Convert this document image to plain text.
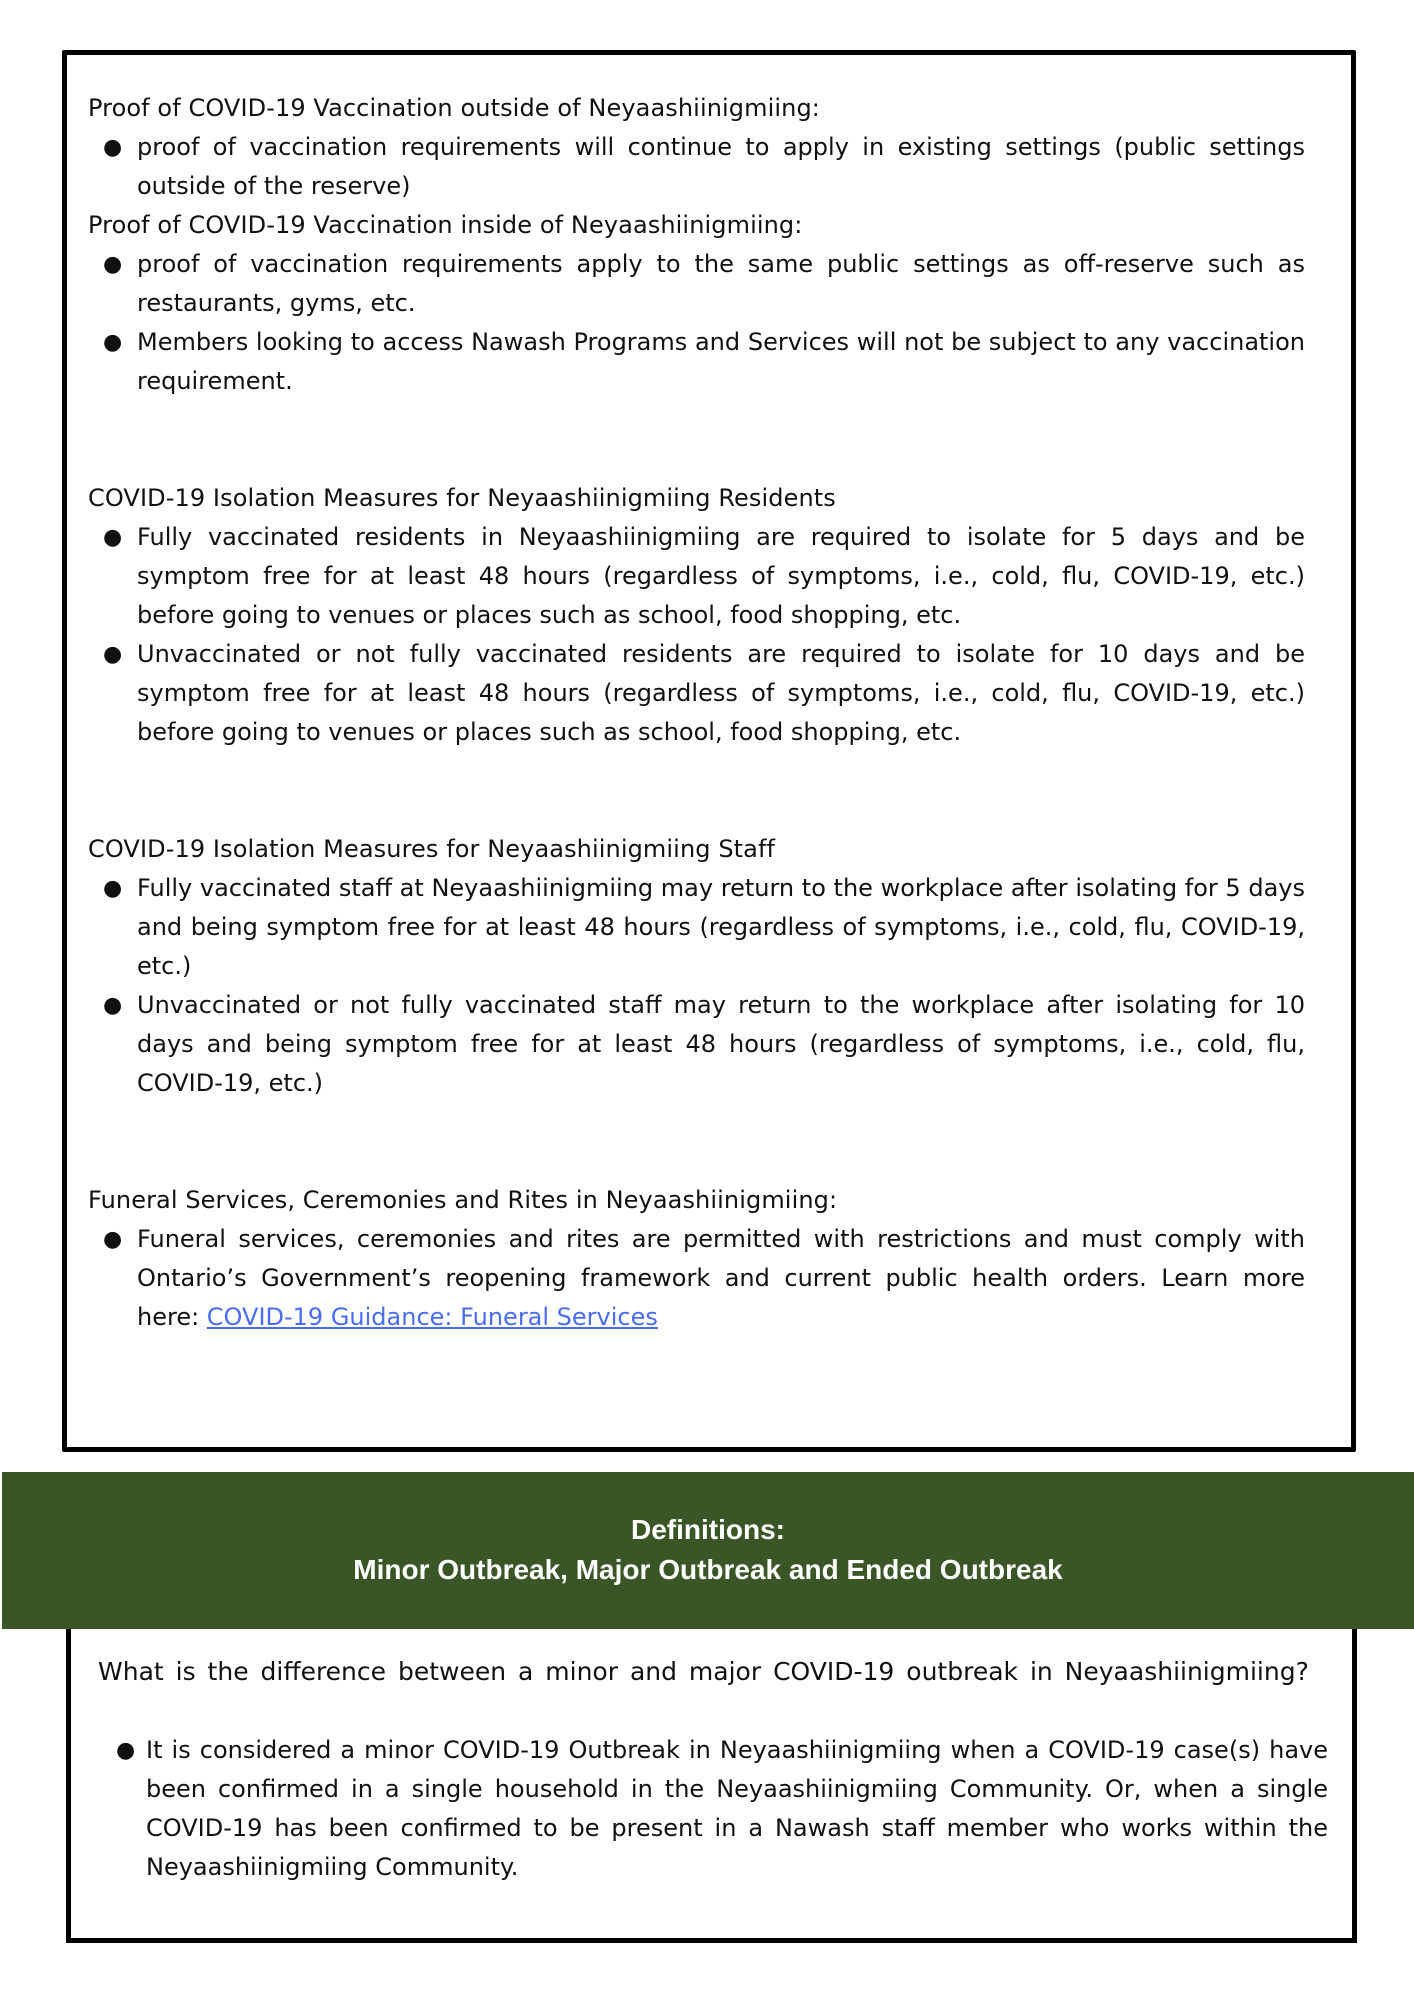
Proof of COVID-19 Vaccination outside of Neyaashiinigmiing:
● proof of vaccination requirements will continue to apply in existing settings (public settings outside of the reserve)
Proof of COVID-19 Vaccination inside of Neyaashiinigmiing:
● proof of vaccination requirements apply to the same public settings as off-reserve such as restaurants, gyms, etc.
● Members looking to access Nawash Programs and Services will not be subject to any vaccination requirement.
COVID-19 Isolation Measures for Neyaashiinigmiing Residents
● Fully vaccinated residents in Neyaashiinigmiing are required to isolate for 5 days and be symptom free for at least 48 hours (regardless of symptoms, i.e., cold, flu, COVID-19, etc.) before going to venues or places such as school, food shopping, etc.
● Unvaccinated or not fully vaccinated residents are required to isolate for 10 days and be symptom free for at least 48 hours (regardless of symptoms, i.e., cold, flu, COVID-19, etc.) before going to venues or places such as school, food shopping, etc.
COVID-19 Isolation Measures for Neyaashiinigmiing Staff
● Fully vaccinated staff at Neyaashiinigmiing may return to the workplace after isolating for 5 days and being symptom free for at least 48 hours (regardless of symptoms, i.e., cold, flu, COVID-19, etc.)
● Unvaccinated or not fully vaccinated staff may return to the workplace after isolating for 10 days and being symptom free for at least 48 hours (regardless of symptoms, i.e., cold, flu, COVID-19, etc.)
Funeral Services, Ceremonies and Rites in Neyaashiinigmiing:
● Funeral services, ceremonies and rites are permitted with restrictions and must comply with Ontario’s Government’s reopening framework and current public health orders. Learn more here: COVID-19 Guidance: Funeral Services
Definitions:
Minor Outbreak, Major Outbreak and Ended Outbreak
What is the difference between a minor and major COVID-19 outbreak in Neyaashiinigmiing?
● It is considered a minor COVID-19 Outbreak in Neyaashiinigmiing when a COVID-19 case(s) have been confirmed in a single household in the Neyaashiinigmiing Community. Or, when a single COVID-19 has been confirmed to be present in a Nawash staff member who works within the Neyaashiinigmiing Community.
